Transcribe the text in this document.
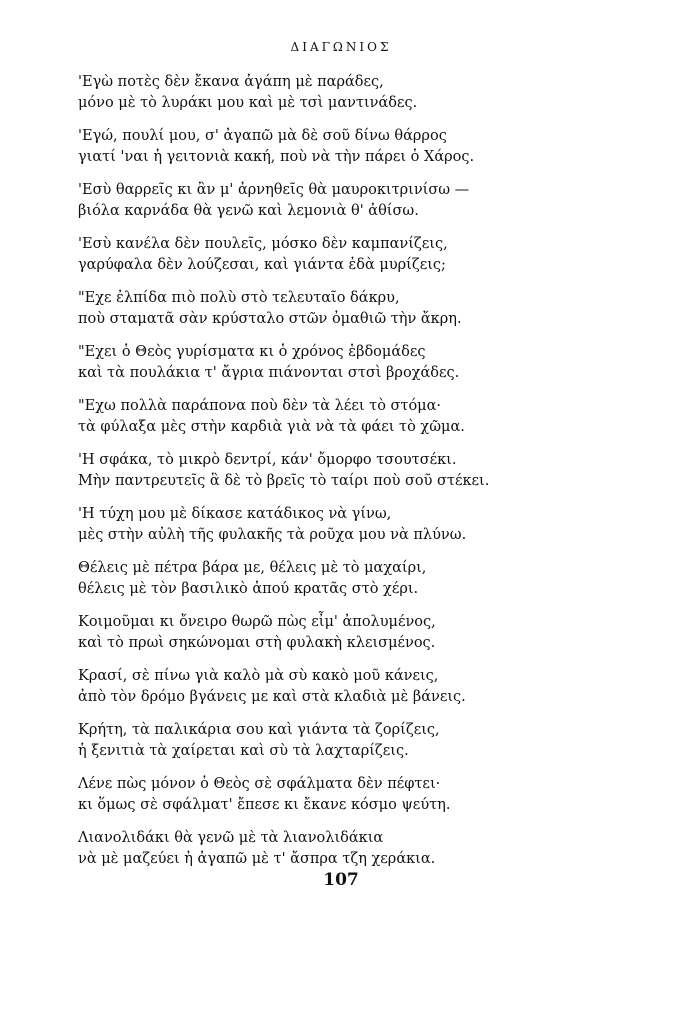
ΔΙΑΓΩΝΙΟΣ
'Εγὼ ποτὲς δὲν ἔκανα ἀγάπη μὲ παράδες,
μόνο μὲ τὸ λυράκι μου καὶ μὲ τσὶ μαντινάδες.
'Εγώ, πουλί μου, σ' ἀγαπῶ μὰ δὲ σοῦ δίνω θάρρος
γιατί 'ναι ἡ γειτονιὰ κακή, ποὺ νὰ τὴν πάρει ὁ Χάρος.
'Εσὺ θαρρεῖς κι ἂν μ' ἀρνηθεῖς θὰ μαυροκιτρινίσω —
βιόλα καρνάδα θὰ γενῶ καὶ λεμονιὰ θ' ἀθίσω.
'Εσὺ κανέλα δὲν πουλεῖς, μόσκο δὲν καμπανίζεις,
γαρύφαλα δὲν λούζεσαι, καὶ γιάντα ἐδὰ μυρίζεις;
"Εχε ἐλπίδα πιὸ πολὺ στὸ τελευταῖο δάκρυ,
ποὺ σταματᾶ σὰν κρύσταλο στῶν ὀμαθιῶ τὴν ἄκρη.
"Εχει ὁ Θεὸς γυρίσματα κι ὁ χρόνος ἑβδομάδες
καὶ τὰ πουλάκια τ' ἄγρια πιάνονται στσὶ βροχάδες.
"Εχω πολλὰ παράπονα ποὺ δὲν τὰ λέει τὸ στόμα·
τὰ φύλαξα μὲς στὴν καρδιὰ γιὰ νὰ τὰ φάει τὸ χῶμα.
'Η σφάκα, τὸ μικρὸ δεντρί, κάν' ὄμορφο τσουτσέκι.
Μὴν παντρευτεῖς ἃ δὲ τὸ βρεῖς τὸ ταίρι ποὺ σοῦ στέκει.
'Η τύχη μου μὲ δίκασε κατάδικος νὰ γίνω,
μὲς στὴν αὐλὴ τῆς φυλακῆς τὰ ροῦχα μου νὰ πλύνω.
Θέλεις μὲ πέτρα βάρα με, θέλεις μὲ τὸ μαχαίρι,
θέλεις μὲ τὸν βασιλικὸ ἀπού κρατᾶς στὸ χέρι.
Κοιμοῦμαι κι ὄνειρο θωρῶ πὼς εἶμ' ἀπολυμένος,
καὶ τὸ πρωὶ σηκώνομαι στὴ φυλακὴ κλεισμένος.
Κρασί, σὲ πίνω γιὰ καλὸ μὰ σὺ κακὸ μοῦ κάνεις,
ἀπὸ τὸν δρόμο βγάνεις με καὶ στὰ κλαδιὰ μὲ βάνεις.
Κρήτη, τὰ παλικάρια σου καὶ γιάντα τὰ ζορίζεις,
ἡ ξενιτιὰ τὰ χαίρεται καὶ σὺ τὰ λαχταρίζεις.
Λένε πὼς μόνον ὁ Θεὸς σὲ σφάλματα δὲν πέφτει·
κι ὅμως σὲ σφάλματ' ἔπεσε κι ἔκανε κόσμο ψεύτη.
Λιανολιδάκι θὰ γενῶ μὲ τὰ λιανολιδάκια
νὰ μὲ μαζεύει ἡ ἀγαπῶ μὲ τ' ἄσπρα τζη χεράκια.
107
